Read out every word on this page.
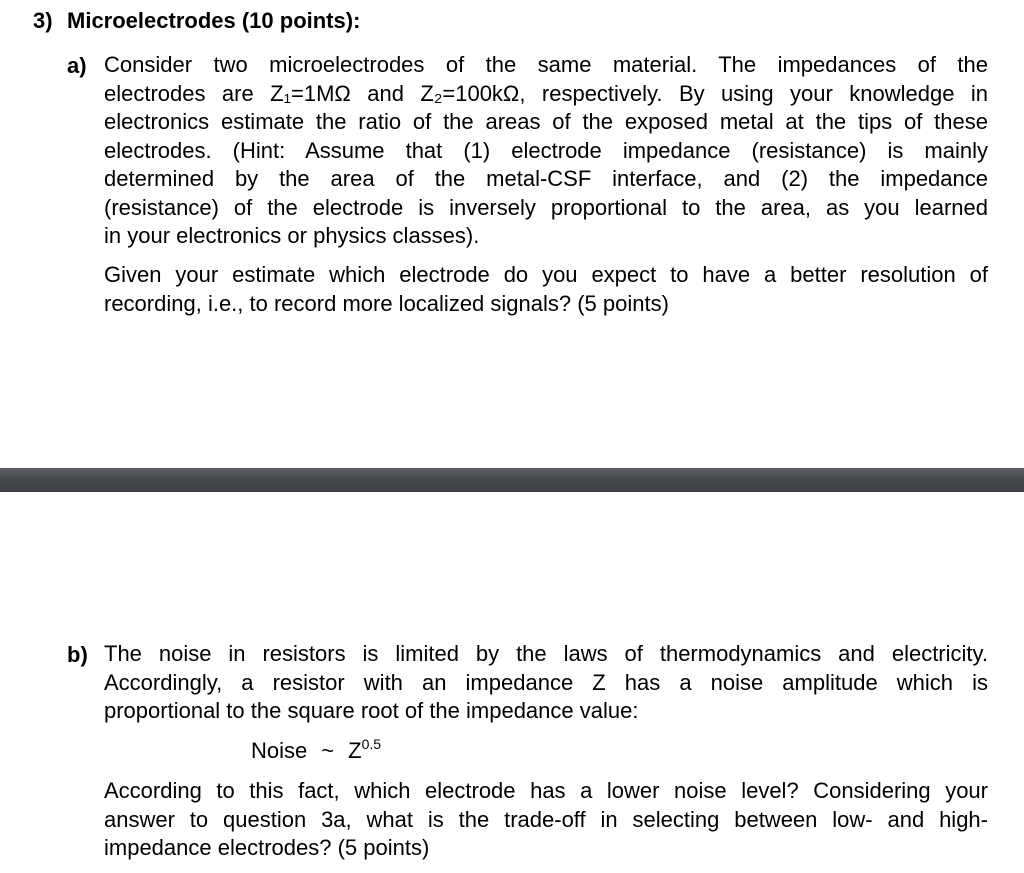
3) Microelectrodes (10 points):
a) Consider two microelectrodes of the same material. The impedances of the
electrodes are Z₁=1MΩ and Z₂=100kΩ, respectively. By using your knowledge in
electronics estimate the ratio of the areas of the exposed metal at the tips of these
electrodes. (Hint: Assume that (1) electrode impedance (resistance) is mainly
determined by the area of the metal-CSF interface, and (2) the impedance
(resistance) of the electrode is inversely proportional to the area, as you learned
in your electronics or physics classes).
Given your estimate which electrode do you expect to have a better resolution of
recording, i.e., to record more localized signals? (5 points)
b) The noise in resistors is limited by the laws of thermodynamics and electricity.
Accordingly, a resistor with an impedance Z has a noise amplitude which is
proportional to the square root of the impedance value:
Noise ~ $Z^{0.5}$
According to this fact, which electrode has a lower noise level? Considering your
answer to question 3a, what is the trade-off in selecting between low- and high-
impedance electrodes? (5 points)
